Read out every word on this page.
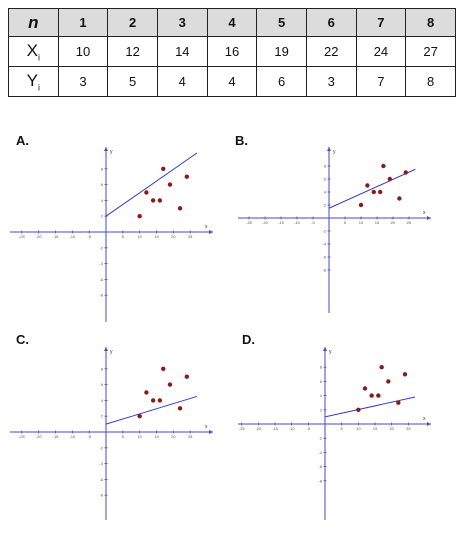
n	1	2	3	4	5	6	7	8
$X_i$	10	12	14	16	19	22	24	27
$Y_i$	3	5	4	4	6	3	7	8
A.
x
y
-25	-20	-15	-10	-5	5	10	15	20	25
8
6
4
2
-2
-4
-6
-8
B.
x
y
-25	-20	-15	-10	-5	5	10	15	20	25
8
6
4
2
-2
-4
-6
-8
C.
x
y
-25	-20	-15	-10	-5	5	10	15	20	25
8
6
4
2
-2
-4
-6
-8
D.
x
y
-25	-20	-15	-10	-5	5	10	15	20	25
8
6
4
2
-2
-4
-6
-8
